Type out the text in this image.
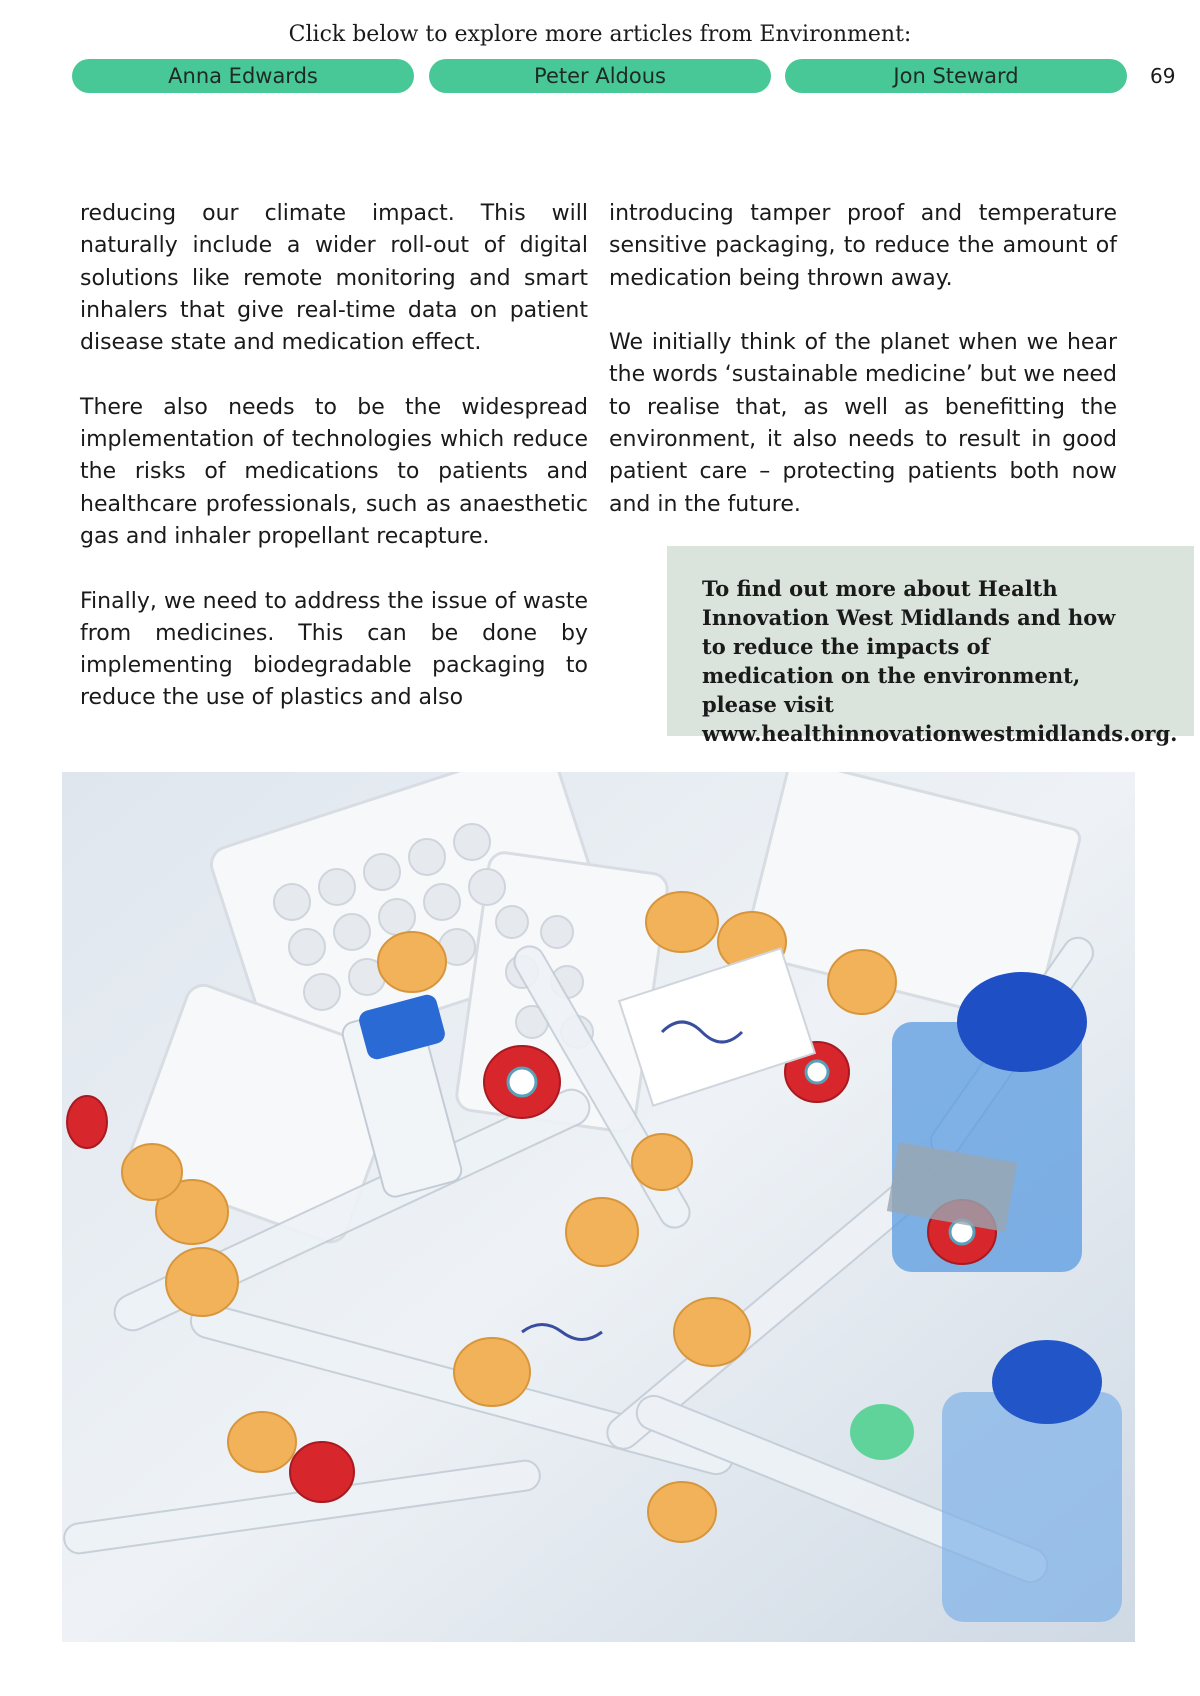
Click below to explore more articles from Environment:
Anna Edwards	Peter Aldous	Jon Steward	69

reducing our climate impact. This will naturally include a wider roll-out of digital solutions like remote monitoring and smart inhalers that give real-time data on patient disease state and medication effect.

There also needs to be the widespread implementation of technologies which reduce the risks of medications to patients and healthcare professionals, such as anaesthetic gas and inhaler propellant recapture.

Finally, we need to address the issue of waste from medicines. This can be done by implementing biodegradable packaging to reduce the use of plastics and also

introducing tamper proof and temperature sensitive packaging, to reduce the amount of medication being thrown away.

We initially think of the planet when we hear the words ‘sustainable medicine’ but we need to realise that, as well as benefitting the environment, it also needs to result in good patient care – protecting patients both now and in the future.

To find out more about Health Innovation West Midlands and how to reduce the impacts of medication on the environment, please visit www.healthinnovationwestmidlands.org.
